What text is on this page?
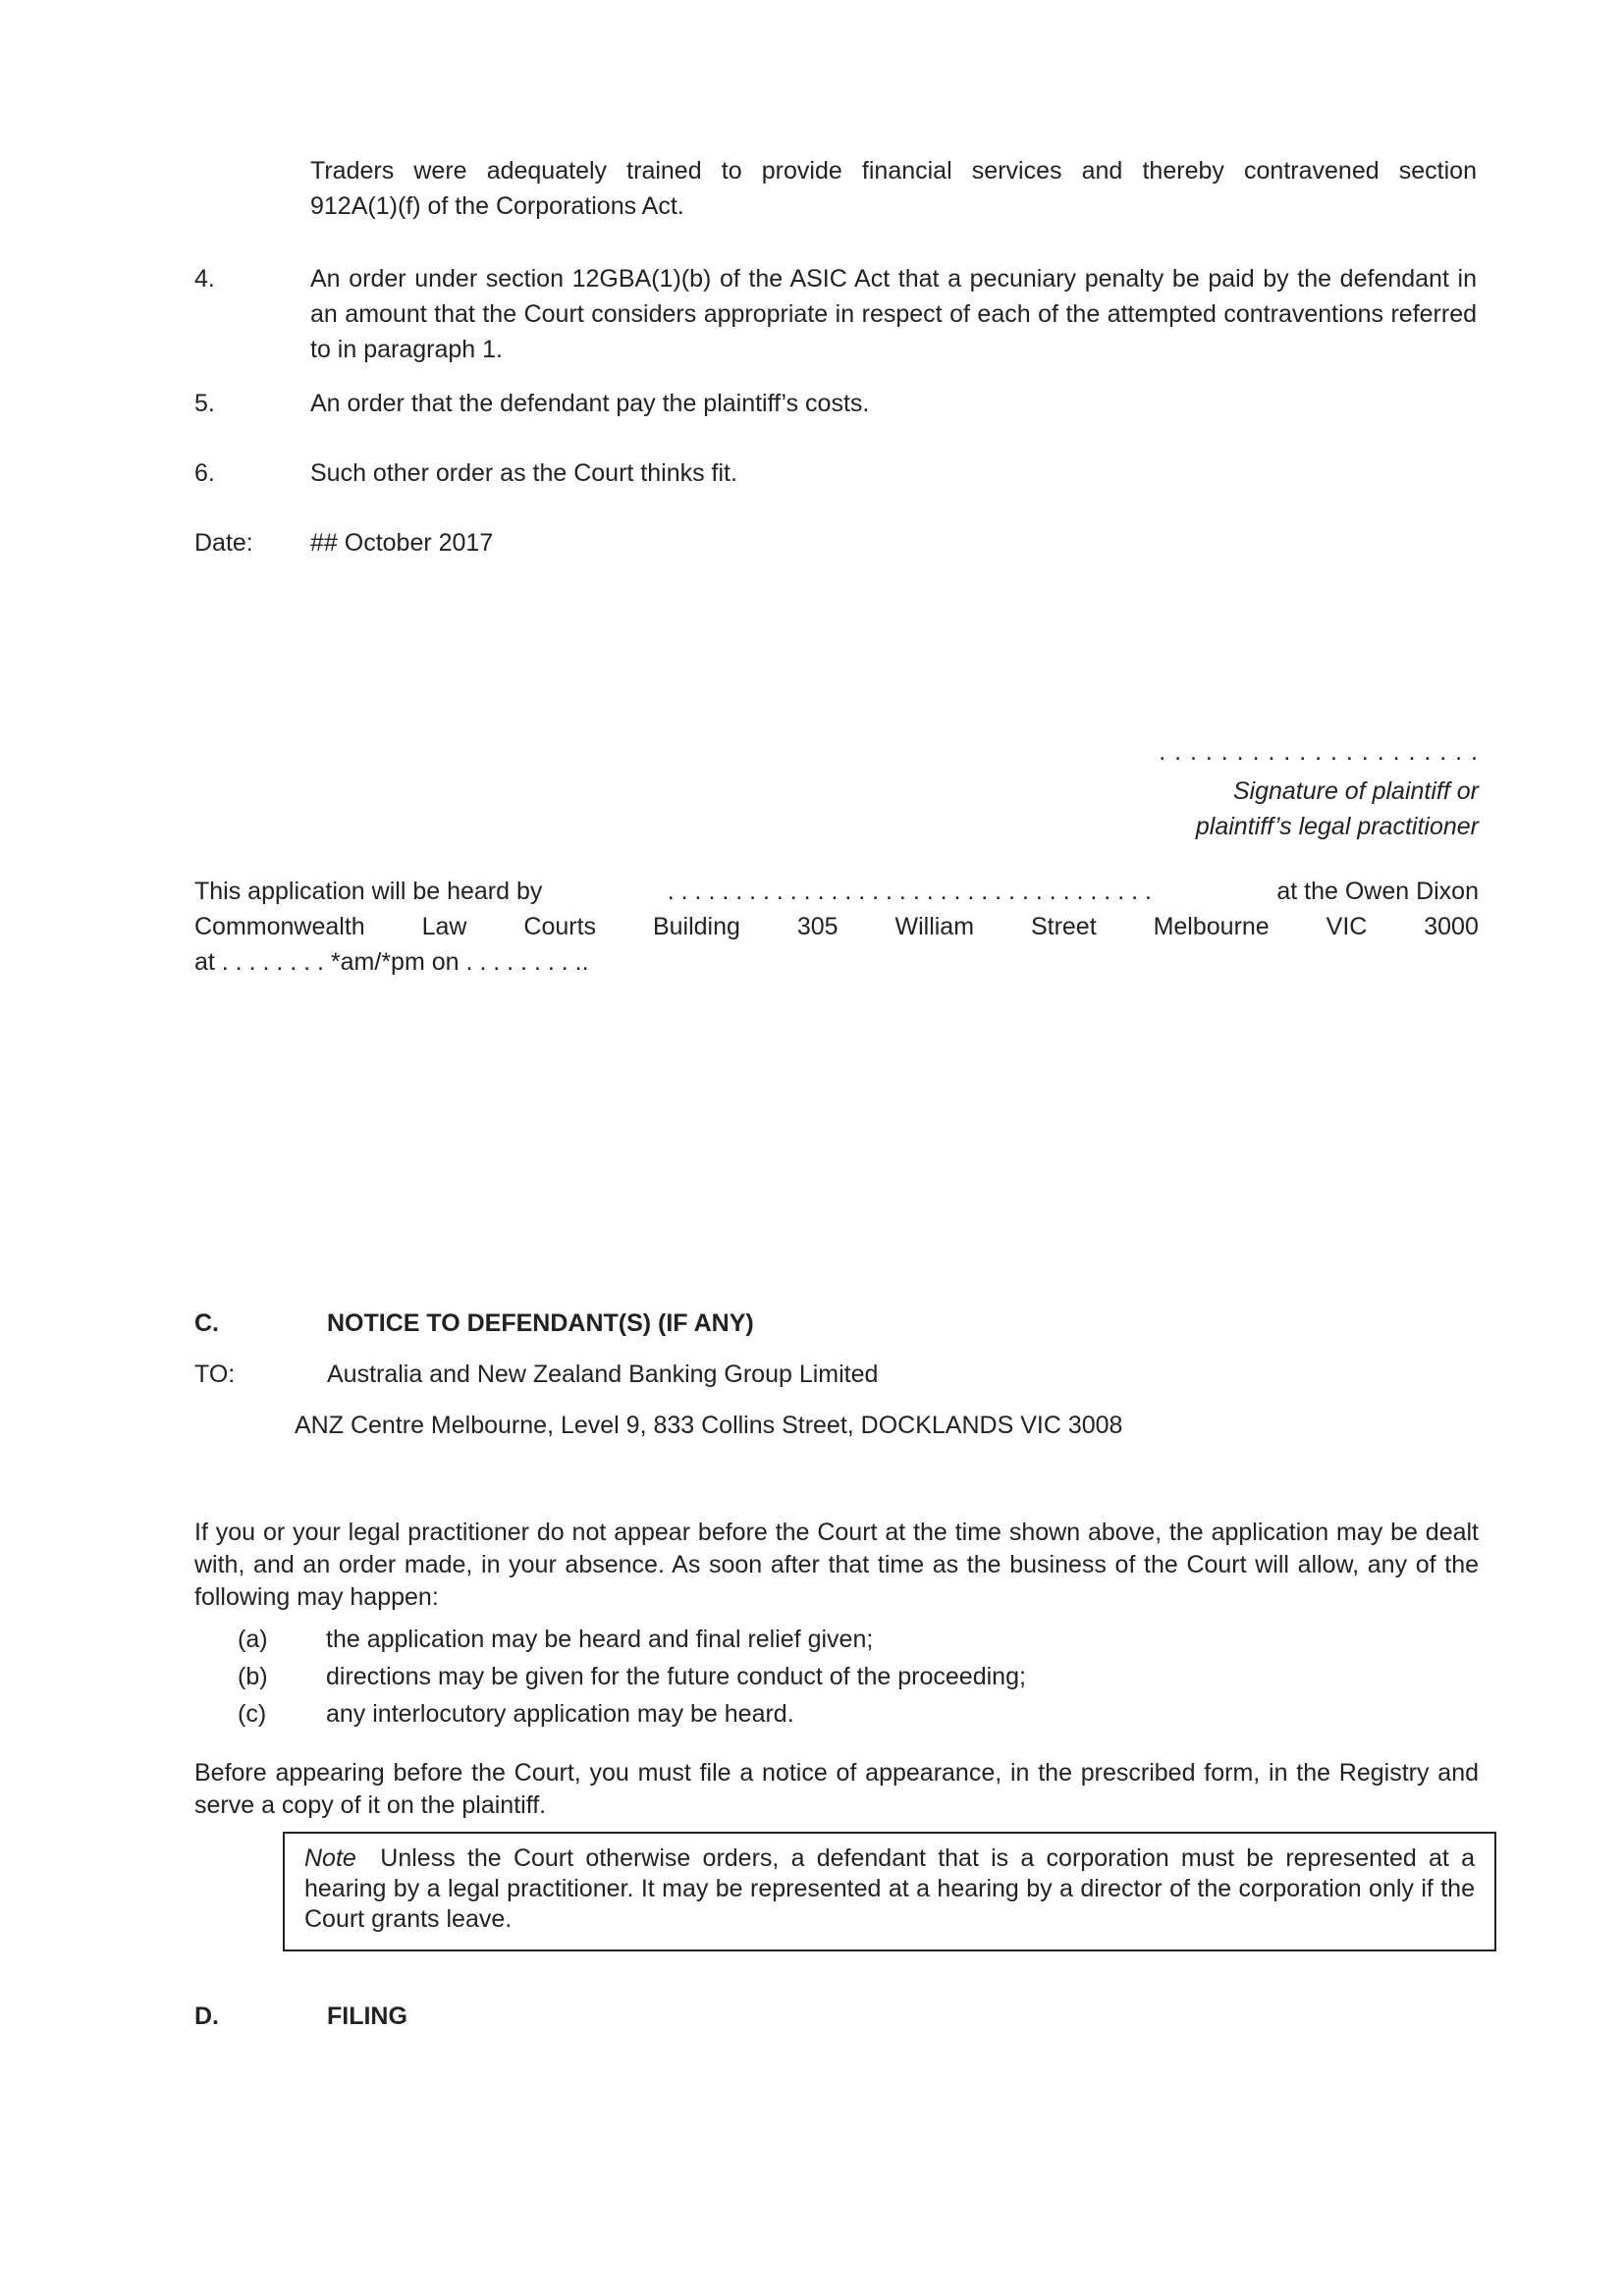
Traders were adequately trained to provide financial services and thereby contravened section
912A(1)(f) of the Corporations Act.
4.	An order under section 12GBA(1)(b) of the ASIC Act that a pecuniary penalty be paid by the defendant in an amount that the Court considers appropriate in respect of each of the attempted contraventions referred to in paragraph 1.
5.	An order that the defendant pay the plaintiff’s costs.
6.	Such other order as the Court thinks fit.
Date: ## October 2017
. . . . . . . . . . . . . . . . . . . . .
Signature of plaintiff or
plaintiff’s legal practitioner
This application will be heard by	. . . . . . . . . . . . . . . . . . . . . . . . . . . . . . . . . . . .	at the Owen Dixon
Commonwealth Law Courts Building 305 William Street Melbourne VIC 3000
at . . . . . . . . *am/*pm on . . . . . . . . ..
C.	NOTICE TO DEFENDANT(S) (IF ANY)
TO:	Australia and New Zealand Banking Group Limited
ANZ Centre Melbourne, Level 9, 833 Collins Street, DOCKLANDS VIC 3008
If you or your legal practitioner do not appear before the Court at the time shown above, the application may be dealt with, and an order made, in your absence. As soon after that time as the business of the Court will allow, any of the following may happen:
(a) the application may be heard and final relief given;
(b) directions may be given for the future conduct of the proceeding;
(c) any interlocutory application may be heard.
Before appearing before the Court, you must file a notice of appearance, in the prescribed form, in the Registry and serve a copy of it on the plaintiff.
Note Unless the Court otherwise orders, a defendant that is a corporation must be represented at a hearing by a legal practitioner. It may be represented at a hearing by a director of the corporation only if the Court grants leave.
D.	FILING
